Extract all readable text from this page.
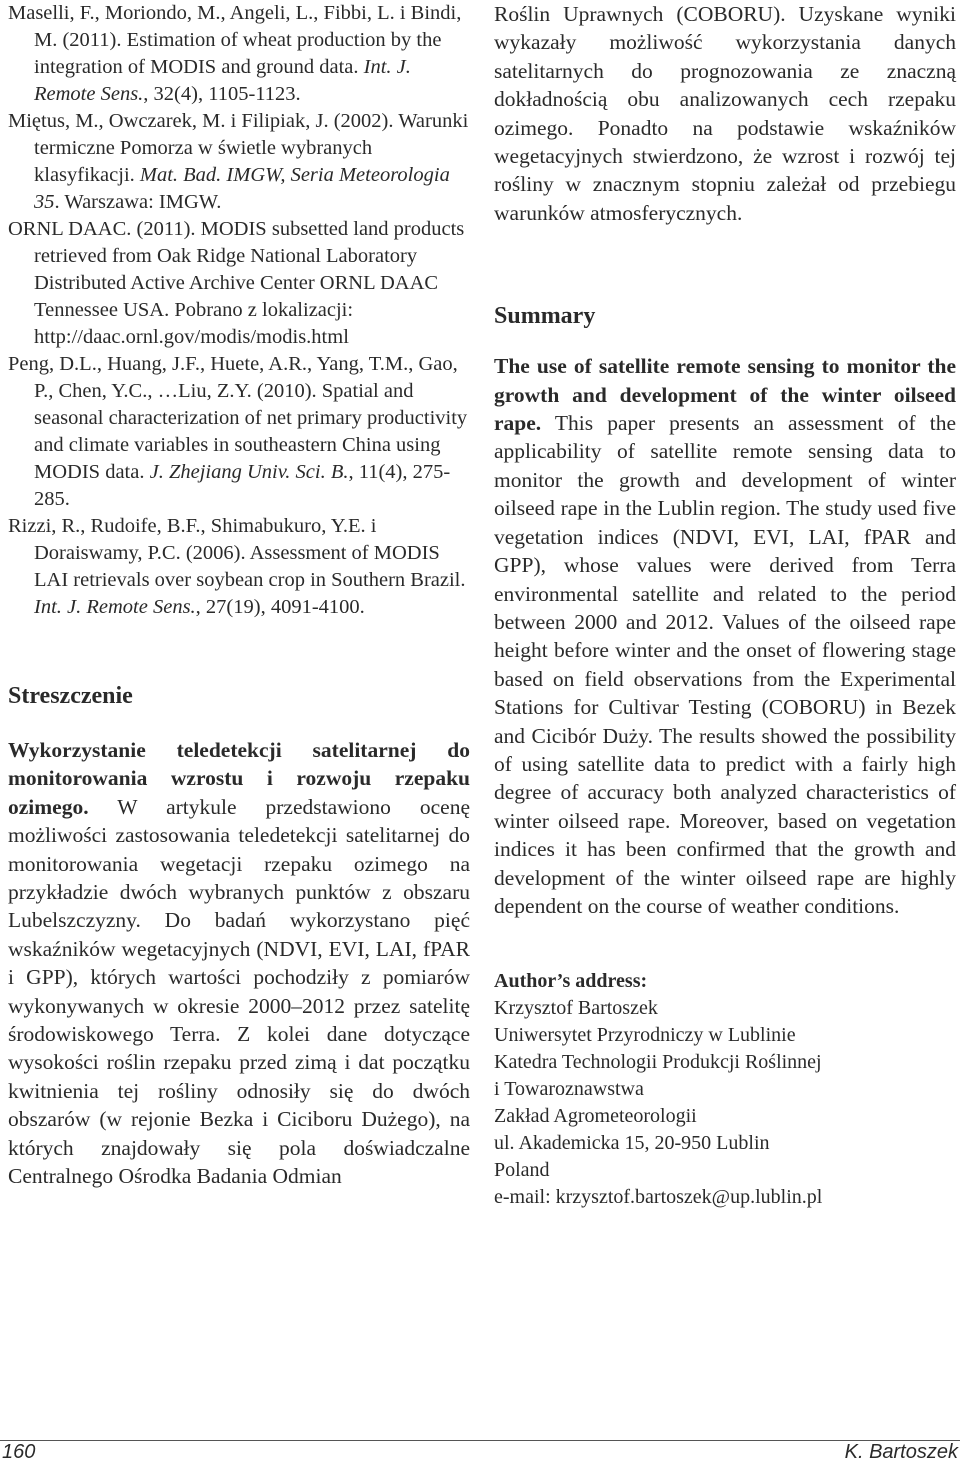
Maselli, F., Moriondo, M., Angeli, L., Fibbi, L. i Bindi, M. (2011). Estimation of wheat production by the integration of MODIS and ground data. Int. J. Remote Sens., 32(4), 1105-1123.

Miętus, M., Owczarek, M. i Filipiak, J. (2002). Warunki termiczne Pomorza w świetle wybranych klasyfikacji. Mat. Bad. IMGW, Seria Meteorologia 35. Warszawa: IMGW.

ORNL DAAC. (2011). MODIS subsetted land products retrieved from Oak Ridge National Laboratory Distributed Active Archive Center ORNL DAAC Tennessee USA. Pobrano z lokalizacji: http://daac.ornl.gov/modis/modis.html

Peng, D.L., Huang, J.F., Huete, A.R., Yang, T.M., Gao, P., Chen, Y.C., …Liu, Z.Y. (2010). Spatial and seasonal characterization of net primary productivity and climate variables in southeastern China using MODIS data. J. Zhejiang Univ. Sci. B., 11(4), 275-285.

Rizzi, R., Rudoife, B.F., Shimabukuro, Y.E. i Doraiswamy, P.C. (2006). Assessment of MODIS LAI retrievals over soybean crop in Southern Brazil. Int. J. Remote Sens., 27(19), 4091-4100.

Streszczenie

Wykorzystanie teledetekcji satelitarnej do monitorowania wzrostu i rozwoju rzepaku ozimego. W artykule przedstawiono ocenę możliwości zastosowania teledetekcji satelitarnej do monitorowania wegetacji rzepaku ozimego na przykładzie dwóch wybranych punktów z obszaru Lubelszczyzny. Do badań wykorzystano pięć wskaźników wegetacyjnych (NDVI, EVI, LAI, fPAR i GPP), których wartości pochodziły z pomiarów wykonywanych w okresie 2000–2012 przez satelitę środowiskowego Terra. Z kolei dane dotyczące wysokości roślin rzepaku przed zimą i dat początku kwitnienia tej rośliny odnosiły się do dwóch obszarów (w rejonie Bezka i Ciciboru Dużego), na których znajdowały się pola doświadczalne Centralnego Ośrodka Badania Odmian

Roślin Uprawnych (COBORU). Uzyskane wyniki wykazały możliwość wykorzystania danych satelitarnych do prognozowania ze znaczną dokładnością obu analizowanych cech rzepaku ozimego. Ponadto na podstawie wskaźników wegetacyjnych stwierdzono, że wzrost i rozwój tej rośliny w znacznym stopniu zależał od przebiegu warunków atmosferycznych.

Summary

The use of satellite remote sensing to monitor the growth and development of the winter oilseed rape. This paper presents an assessment of the applicability of satellite remote sensing data to monitor the growth and development of winter oilseed rape in the Lublin region. The study used five vegetation indices (NDVI, EVI, LAI, fPAR and GPP), whose values were derived from Terra environmental satellite and related to the period between 2000 and 2012. Values of the oilseed rape height before winter and the onset of flowering stage based on field observations from the Experimental Stations for Cultivar Testing (COBORU) in Bezek and Cicibór Duży. The results showed the possibility of using satellite data to predict with a fairly high degree of accuracy both analyzed characteristics of winter oilseed rape. Moreover, based on vegetation indices it has been confirmed that the growth and development of the winter oilseed rape are highly dependent on the course of weather conditions.

Author’s address:

Krzysztof Bartoszek

Uniwersytet Przyrodniczy w Lublinie

Katedra Technologii Produkcji Roślinnej

i Towaroznawstwa

Zakład Agrometeorologii

ul. Akademicka 15, 20-950 Lublin

Poland

e-mail: krzysztof.bartoszek@up.lublin.pl

160	K. Bartoszek
